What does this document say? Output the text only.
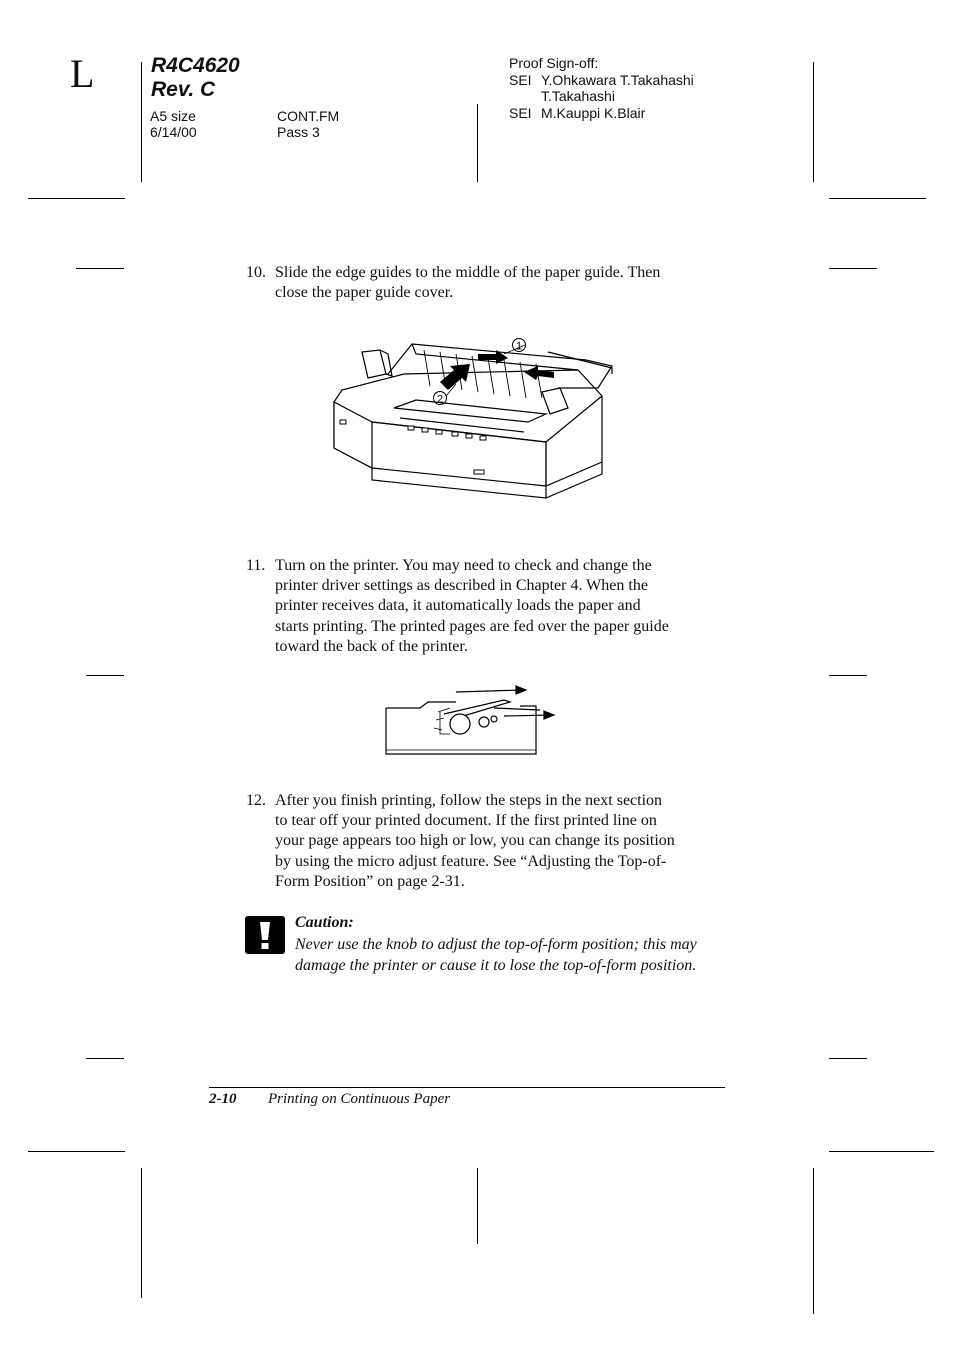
L	R4C4620
Rev. C
A5 size
6/14/00
CONT.FM
Pass 3
Proof Sign-off:
SEI Y.Ohkawara T.Takahashi
T.Takahashi
SEI M.Kauppi K.Blair
10. Slide the edge guides to the middle of the paper guide. Then
close the paper guide cover.
1
2
11. Turn on the printer. You may need to check and change the
printer driver settings as described in Chapter 4. When the
printer receives data, it automatically loads the paper and
starts printing. The printed pages are fed over the paper guide
toward the back of the printer.
12. After you finish printing, follow the steps in the next section
to tear off your printed document. If the first printed line on
your page appears too high or low, you can change its position
by using the micro adjust feature. See “Adjusting the Top-of-
Form Position” on page 2-31.
Caution:
Never use the knob to adjust the top-of-form position; this may
damage the printer or cause it to lose the top-of-form position.
2-10 Printing on Continuous Paper
